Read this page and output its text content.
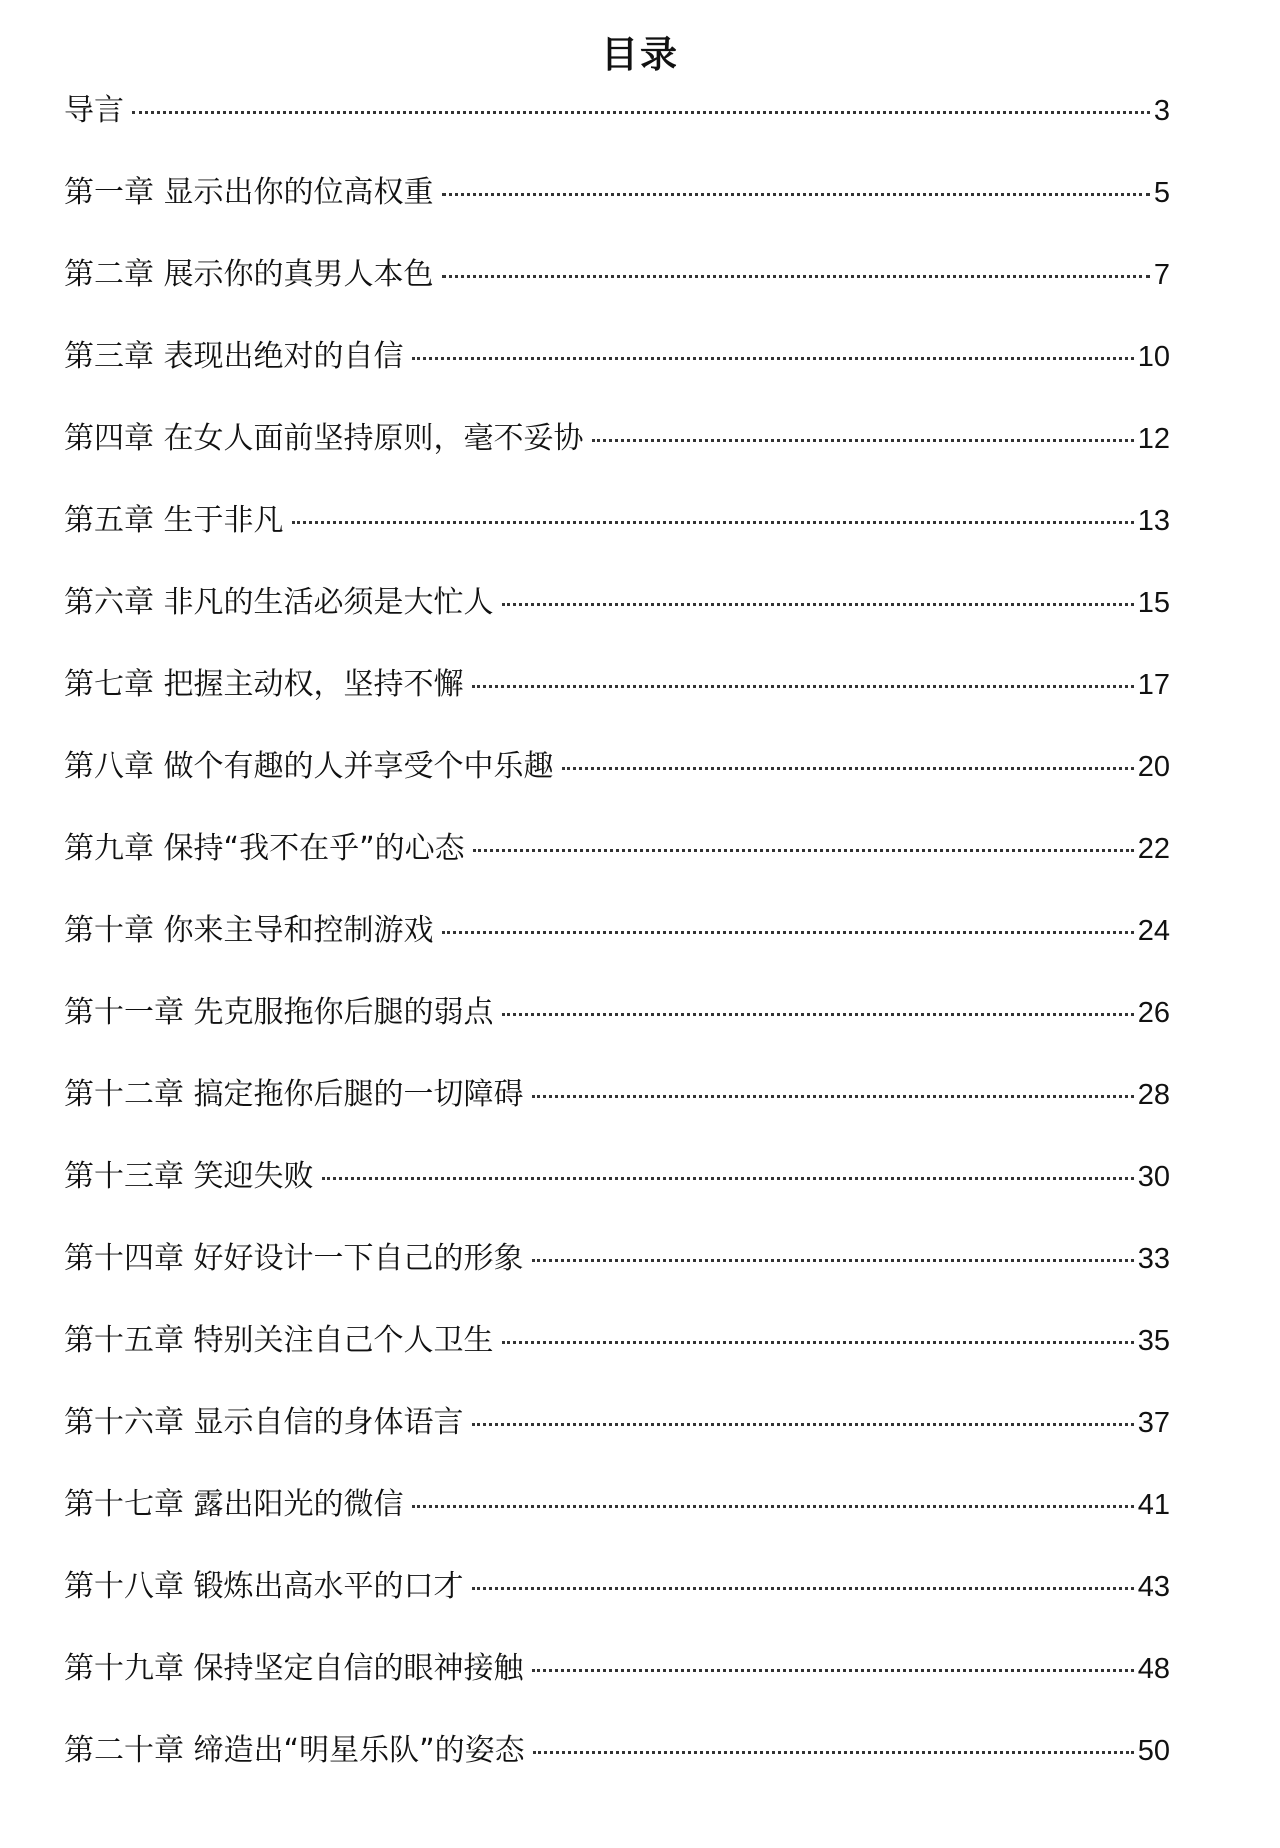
目录
导言	3
第一章 显示出你的位高权重	5
第二章 展示你的真男人本色	7
第三章 表现出绝对的自信	10
第四章 在女人面前坚持原则，毫不妥协	12
第五章 生于非凡	13
第六章 非凡的生活必须是大忙人	15
第七章 把握主动权，坚持不懈	17
第八章 做个有趣的人并享受个中乐趣	20
第九章 保持“我不在乎”的心态	22
第十章 你来主导和控制游戏	24
第十一章 先克服拖你后腿的弱点	26
第十二章 搞定拖你后腿的一切障碍	28
第十三章 笑迎失败	30
第十四章 好好设计一下自己的形象	33
第十五章 特别关注自己个人卫生	35
第十六章 显示自信的身体语言	37
第十七章 露出阳光的微信	41
第十八章 锻炼出高水平的口才	43
第十九章 保持坚定自信的眼神接触	48
第二十章 缔造出“明星乐队”的姿态	50
